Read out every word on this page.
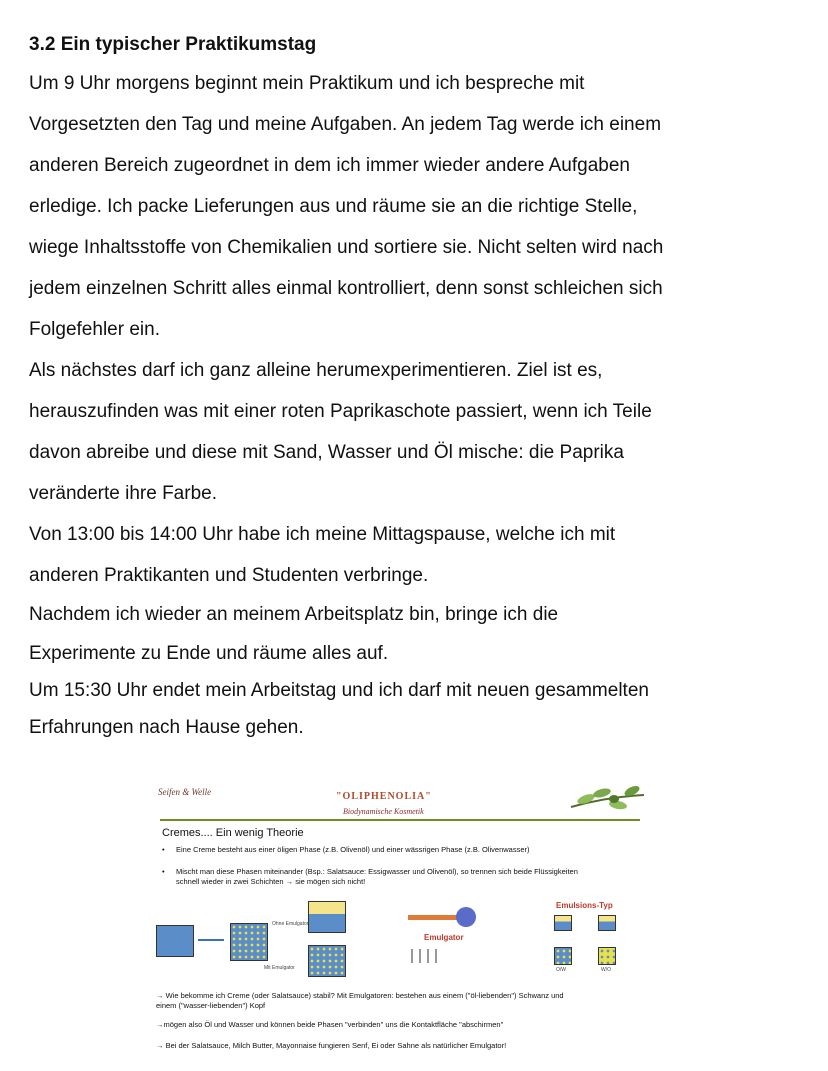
3.2 Ein typischer Praktikumstag

Um 9 Uhr morgens beginnt mein Praktikum und ich bespreche mit

Vorgesetzten den Tag und meine Aufgaben. An jedem Tag werde ich einem

anderen Bereich zugeordnet in dem ich immer wieder andere Aufgaben

erledige. Ich packe Lieferungen aus und räume sie an die richtige Stelle,

wiege Inhaltsstoffe von Chemikalien und sortiere sie. Nicht selten wird nach

jedem einzelnen Schritt alles einmal kontrolliert, denn sonst schleichen sich

Folgefehler ein.

Als nächstes darf ich ganz alleine herumexperimentieren. Ziel ist es,

herauszufinden was mit einer roten Paprikaschote passiert, wenn ich Teile

davon abreibe und diese mit Sand, Wasser und Öl mische: die Paprika

veränderte ihre Farbe.

Von 13:00 bis 14:00 Uhr habe ich meine Mittagspause, welche ich mit

anderen Praktikanten und Studenten verbringe.

Nachdem ich wieder an meinem Arbeitsplatz bin, bringe ich die

Experimente zu Ende und räume alles auf.

Um 15:30 Uhr endet mein Arbeitstag und ich darf mit neuen gesammelten

Erfahrungen nach Hause gehen.

Seifen & Welle	"OLIPHENOLIA"
Biodynamische Kosmetik
Cremes.... Ein wenig Theorie
• Eine Creme besteht aus einer öligen Phase (z.B. Olivenöl) und einer wässrigen Phase (z.B. Olivenwasser)
• Mischt man diese Phasen miteinander (Bsp.: Salatsauce: Essigwasser und Olivenöl), so trennen sich beide Flüssigkeiten
schnell wieder in zwei Schichten → sie mögen sich nicht!
Ohne Emulgator
Mit Emulgator
Emulgator
Emulsions-Typ
O/W	W/O
→ Wie bekomme ich Creme (oder Salatsauce) stabil? Mit Emulgatoren: bestehen aus einem ("öl-liebenden") Schwanz und
einem ("wasser-liebenden") Kopf
→mögen also Öl und Wasser und können beide Phasen "verbinden" uns die Kontaktfläche "abschirmen"
→ Bei der Salatsauce, Milch Butter, Mayonnaise fungieren Senf, Ei oder Sahne als natürlicher Emulgator!
